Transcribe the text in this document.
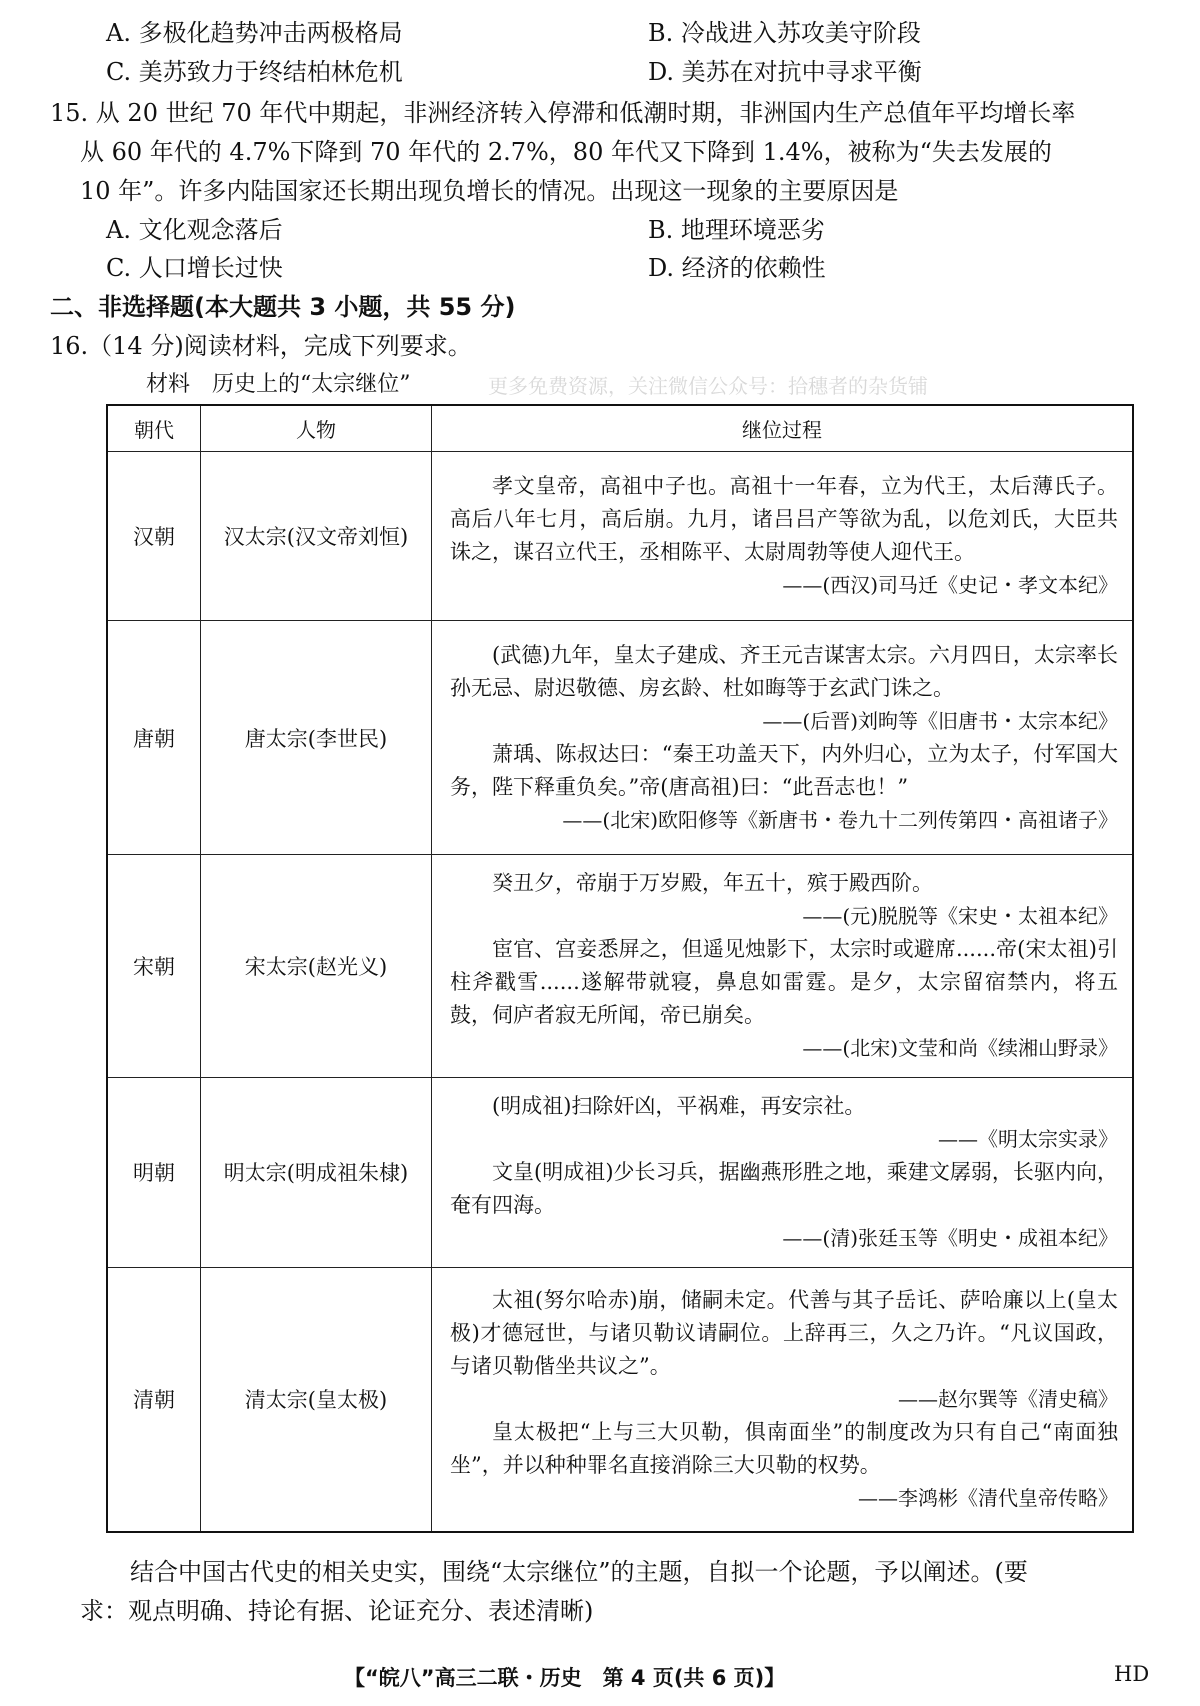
A. 多极化趋势冲击两极格局	B. 冷战进入苏攻美守阶段
C. 美苏致力于终结柏林危机	D. 美苏在对抗中寻求平衡
15. 从 20 世纪 70 年代中期起，非洲经济转入停滞和低潮时期，非洲国内生产总值年平均增长率
从 60 年代的 4.7%下降到 70 年代的 2.7%，80 年代又下降到 1.4%，被称为“失去发展的
10 年”。许多内陆国家还长期出现负增长的情况。出现这一现象的主要原因是
A. 文化观念落后	B. 地理环境恶劣
C. 人口增长过快	D. 经济的依赖性
二、非选择题(本大题共 3 小题，共 55 分)
16.（14 分)阅读材料，完成下列要求。
材料　历史上的“太宗继位”	更多免费资源，关注微信公众号：拾穗者的杂货铺
朝代	人物	继位过程
汉朝	汉太宗(汉文帝刘恒)	孝文皇帝，高祖中子也。高祖十一年春，立为代王，太后薄氏子。高后八年七月，高后崩。九月，诸吕吕产等欲为乱，以危刘氏，大臣共诛之，谋召立代王，丞相陈平、太尉周勃等使人迎代王。

——(西汉)司马迁《史记・孝文本纪》

唐朝	唐太宗(李世民)	(武德)九年，皇太子建成、齐王元吉谋害太宗。六月四日，太宗率长孙无忌、尉迟敬德、房玄龄、杜如晦等于玄武门诛之。

——(后晋)刘昫等《旧唐书・太宗本纪》

萧瑀、陈叔达曰：“秦王功盖天下，内外归心，立为太子，付军国大务，陛下释重负矣。”帝(唐高祖)曰：“此吾志也！”

——(北宋)欧阳修等《新唐书・卷九十二列传第四・高祖诸子》

宋朝	宋太宗(赵光义)	癸丑夕，帝崩于万岁殿，年五十，殡于殿西阶。

——(元)脱脱等《宋史・太祖本纪》

宦官、宫妾悉屏之，但遥见烛影下，太宗时或避席......帝(宋太祖)引柱斧戳雪......遂解带就寝，鼻息如雷霆。是夕，太宗留宿禁内，将五鼓，伺庐者寂无所闻，帝已崩矣。

——(北宋)文莹和尚《续湘山野录》

明朝	明太宗(明成祖朱棣)	(明成祖)扫除奸凶，平祸难，再安宗社。

——《明太宗实录》

文皇(明成祖)少长习兵，据幽燕形胜之地，乘建文孱弱，长驱内向，奄有四海。

——(清)张廷玉等《明史・成祖本纪》

清朝	清太宗(皇太极)	太祖(努尔哈赤)崩，储嗣未定。代善与其子岳讬、萨哈廉以上(皇太极)才德冠世，与诸贝勒议请嗣位。上辞再三，久之乃许。“凡议国政，与诸贝勒偕坐共议之”。

——赵尔巽等《清史稿》

皇太极把“上与三大贝勒，俱南面坐”的制度改为只有自己“南面独坐”，并以种种罪名直接消除三大贝勒的权势。

——李鸿彬《清代皇帝传略》

结合中国古代史的相关史实，围绕“太宗继位”的主题，自拟一个论题，予以阐述。(要
求：观点明确、持论有据、论证充分、表述清晰)
【“皖八”高三二联・历史　第 4 页(共 6 页)】	HD
